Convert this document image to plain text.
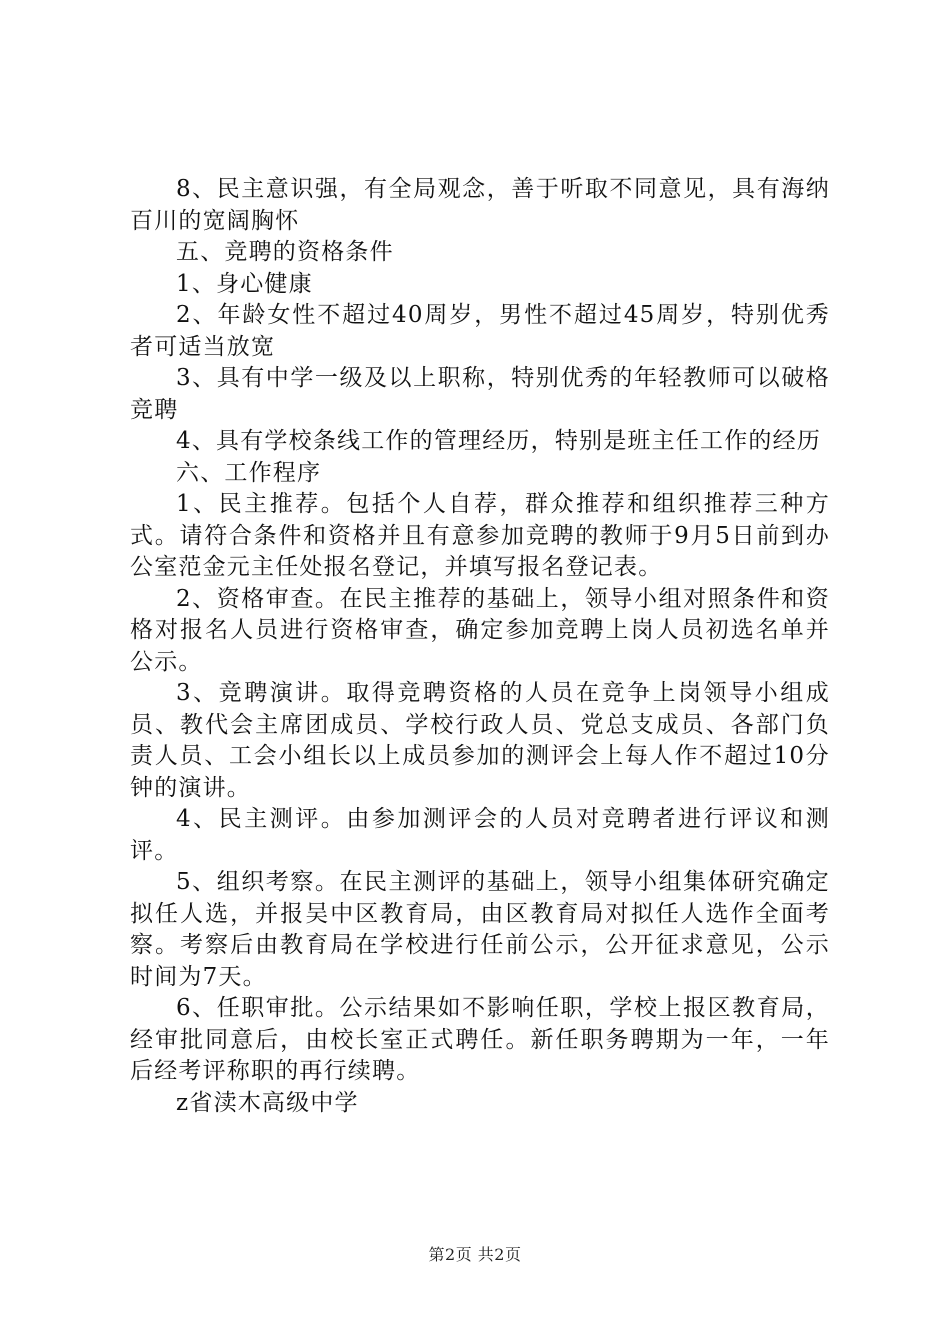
8、民主意识强，有全局观念，善于听取不同意见，具有海纳百川的宽阔胸怀

五、竞聘的资格条件

1、身心健康

2、年龄女性不超过40周岁，男性不超过45周岁，特别优秀者可适当放宽

3、具有中学一级及以上职称，特别优秀的年轻教师可以破格竞聘

4、具有学校条线工作的管理经历，特别是班主任工作的经历

六、工作程序

1、民主推荐。包括个人自荐，群众推荐和组织推荐三种方式。请符合条件和资格并且有意参加竞聘的教师于9月5日前到办公室范金元主任处报名登记，并填写报名登记表。

2、资格审查。在民主推荐的基础上，领导小组对照条件和资格对报名人员进行资格审查，确定参加竞聘上岗人员初选名单并公示。

3、竞聘演讲。取得竞聘资格的人员在竞争上岗领导小组成员、教代会主席团成员、学校行政人员、党总支成员、各部门负责人员、工会小组长以上成员参加的测评会上每人作不超过10分钟的演讲。

4、民主测评。由参加测评会的人员对竞聘者进行评议和测评。

5、组织考察。在民主测评的基础上，领导小组集体研究确定拟任人选，并报吴中区教育局，由区教育局对拟任人选作全面考察。考察后由教育局在学校进行任前公示，公开征求意见，公示时间为7天。

6、任职审批。公示结果如不影响任职，学校上报区教育局，经审批同意后，由校长室正式聘任。新任职务聘期为一年，一年后经考评称职的再行续聘。

z省渎木高级中学

第2页 共2页
